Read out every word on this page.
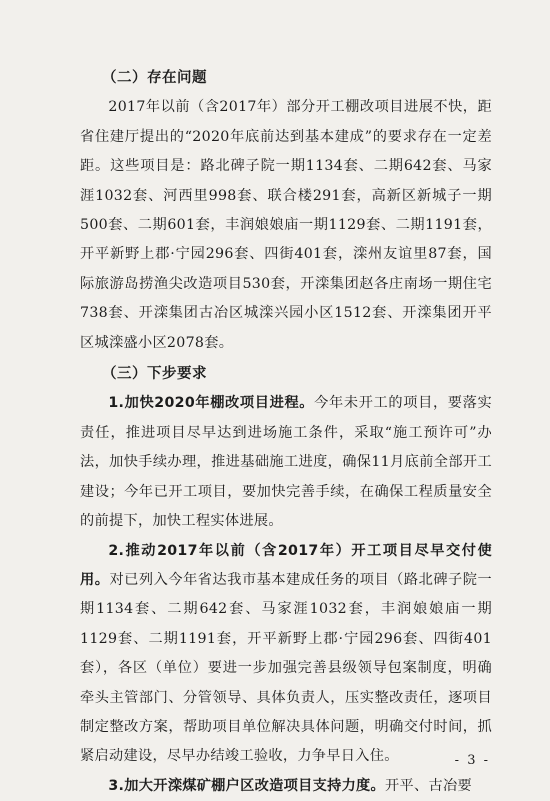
（二）存在问题

2017年以前（含2017年）部分开工棚改项目进展不快，距省住建厅提出的“2020年底前达到基本建成”的要求存在一定差距。这些项目是：路北碑子院一期1134套、二期642套、马家涯1032套、河西里998套、联合楼291套，高新区新城子一期500套、二期601套，丰润娘娘庙一期1129套、二期1191套，开平新野上郡·宁园296套、四街401套，滦州友谊里87套，国际旅游岛捞渔尖改造项目530套，开滦集团赵各庄南场一期住宅738套、开滦集团古冶区城滦兴园小区1512套、开滦集团开平区城滦盛小区2078套。

（三）下步要求

1.加快2020年棚改项目进程。今年未开工的项目，要落实责任，推进项目尽早达到进场施工条件，采取“施工预许可”办法，加快手续办理，推进基础施工进度，确保11月底前全部开工建设；今年已开工项目，要加快完善手续，在确保工程质量安全的前提下，加快工程实体进展。

2.推动2017年以前（含2017年）开工项目尽早交付使用。对已列入今年省达我市基本建成任务的项目（路北碑子院一期1134套、二期642套、马家涯1032套，丰润娘娘庙一期1129套、二期1191套，开平新野上郡·宁园296套、四街401套），各区（单位）要进一步加强完善县级领导包案制度，明确牵头主管部门、分管领导、具体负责人，压实整改责任，逐项目制定整改方案，帮助项目单位解决具体问题，明确交付时间，抓紧启动建设，尽早办结竣工验收，力争早日入住。

3.加大开滦煤矿棚户区改造项目支持力度。开平、古冶要

- 3 -
